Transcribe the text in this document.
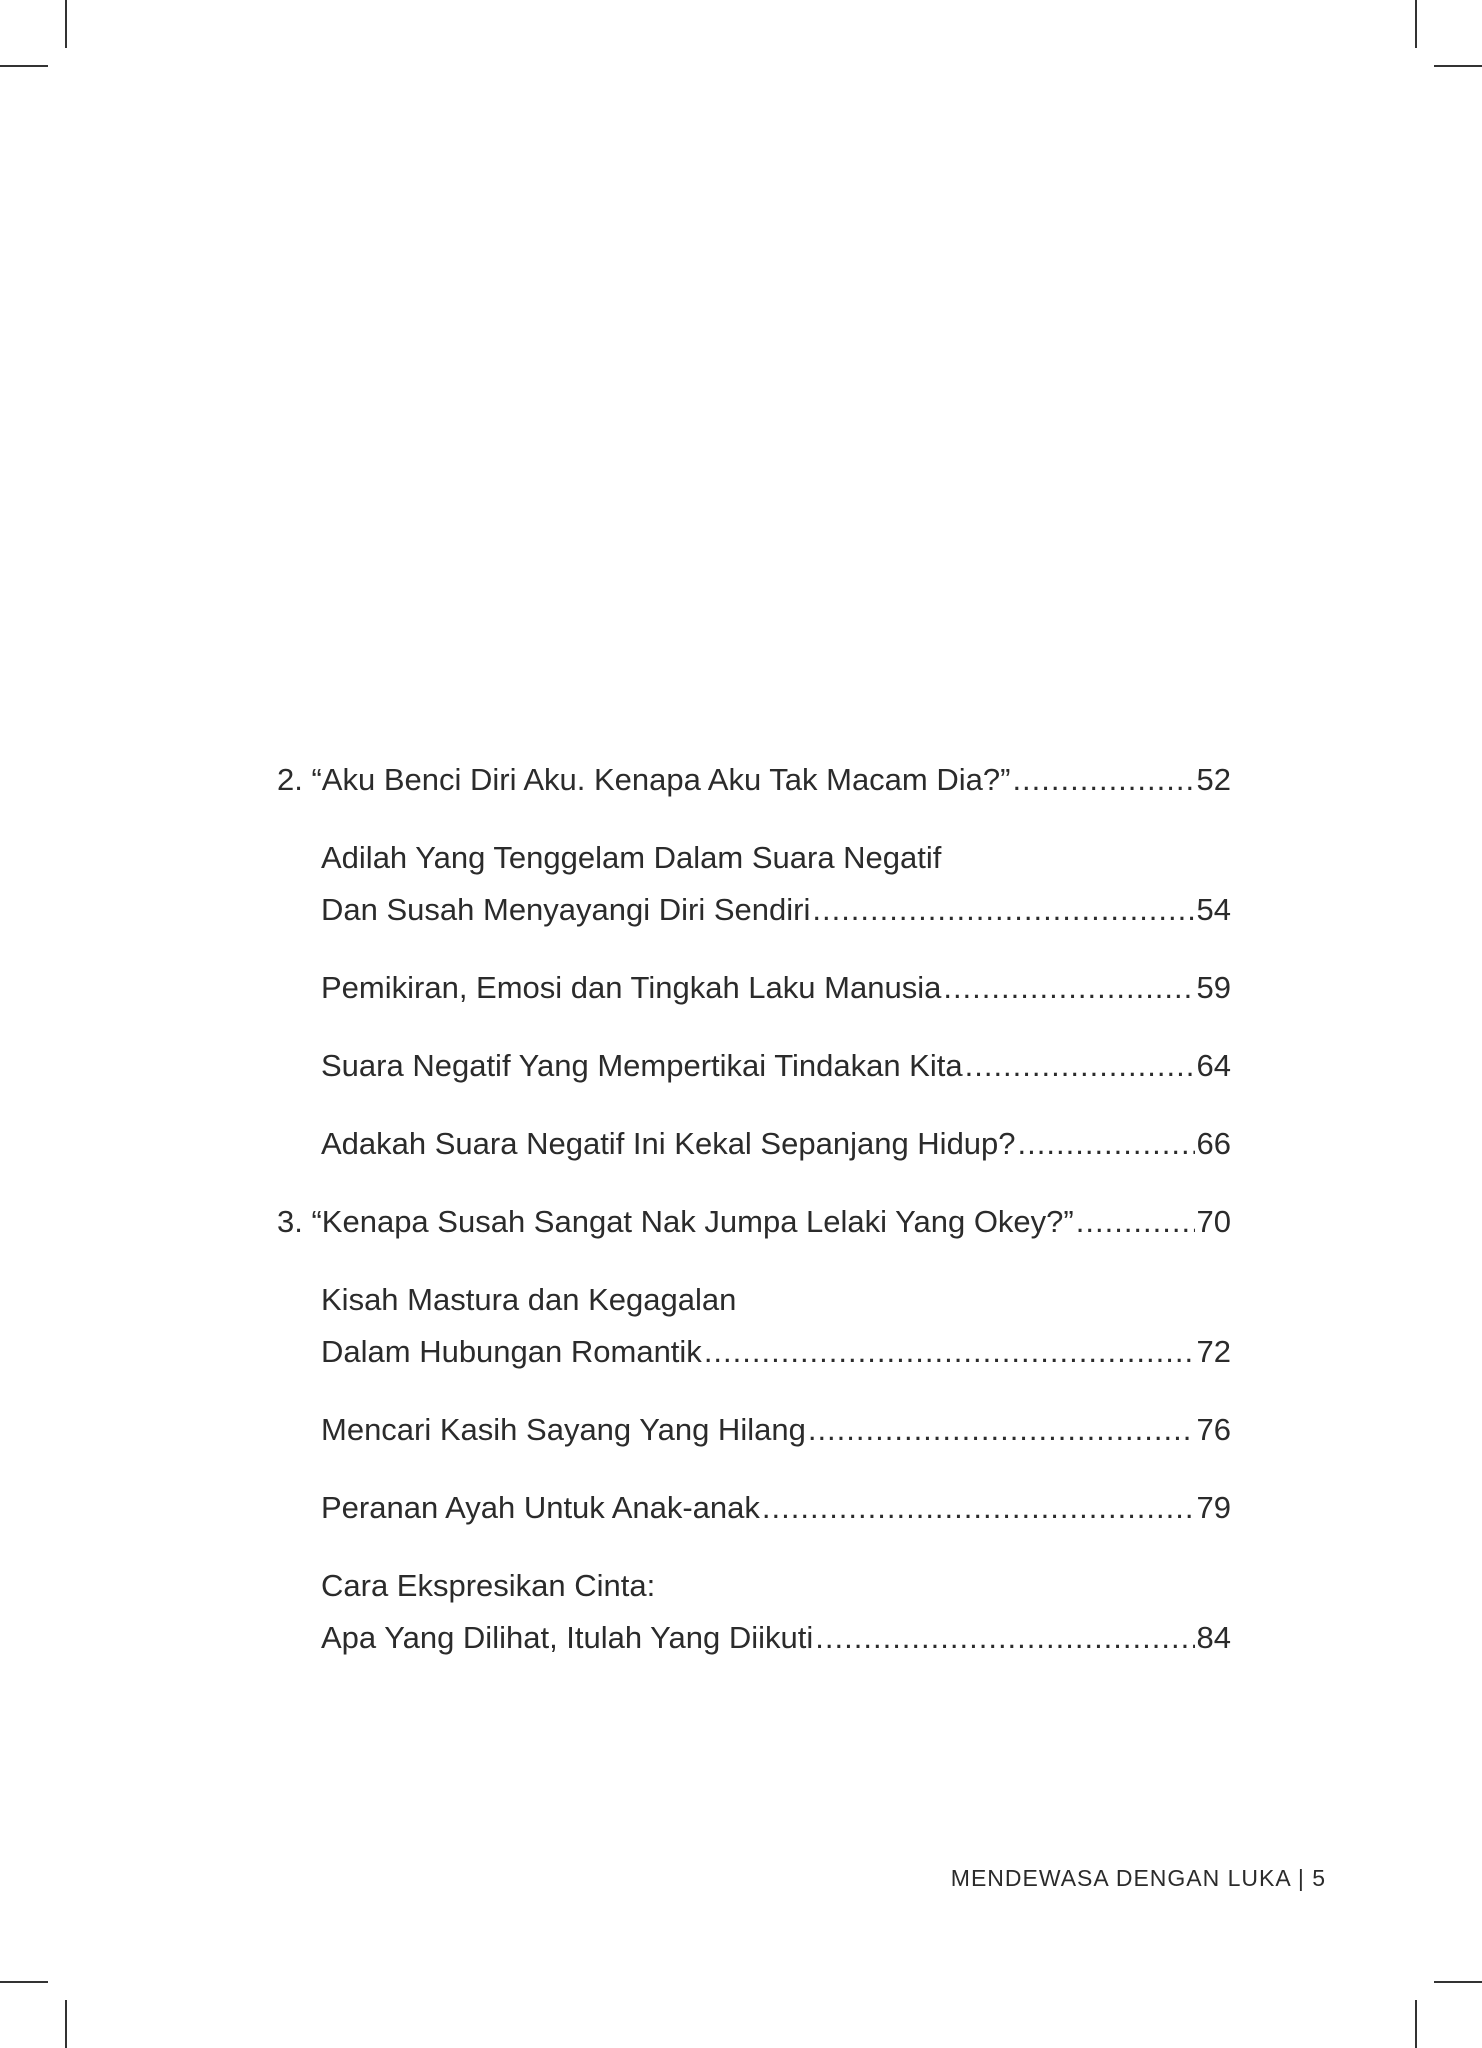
2. “Aku Benci Diri Aku. Kenapa Aku Tak Macam Dia?” .....	52
Adilah Yang Tenggelam Dalam Suara Negatif
Dan Susah Menyayangi Diri Sendiri .....	54
Pemikiran, Emosi dan Tingkah Laku Manusia .....	59
Suara Negatif Yang Mempertikai Tindakan Kita .....	64
Adakah Suara Negatif Ini Kekal Sepanjang Hidup? .....	66
3. “Kenapa Susah Sangat Nak Jumpa Lelaki Yang Okey?” .....	70
Kisah Mastura dan Kegagalan
Dalam Hubungan Romantik .....	72
Mencari Kasih Sayang Yang Hilang .....	76
Peranan Ayah Untuk Anak-anak .....	79
Cara Ekspresikan Cinta:
Apa Yang Dilihat, Itulah Yang Diikuti .....	84
MENDEWASA DENGAN LUKA | 5
